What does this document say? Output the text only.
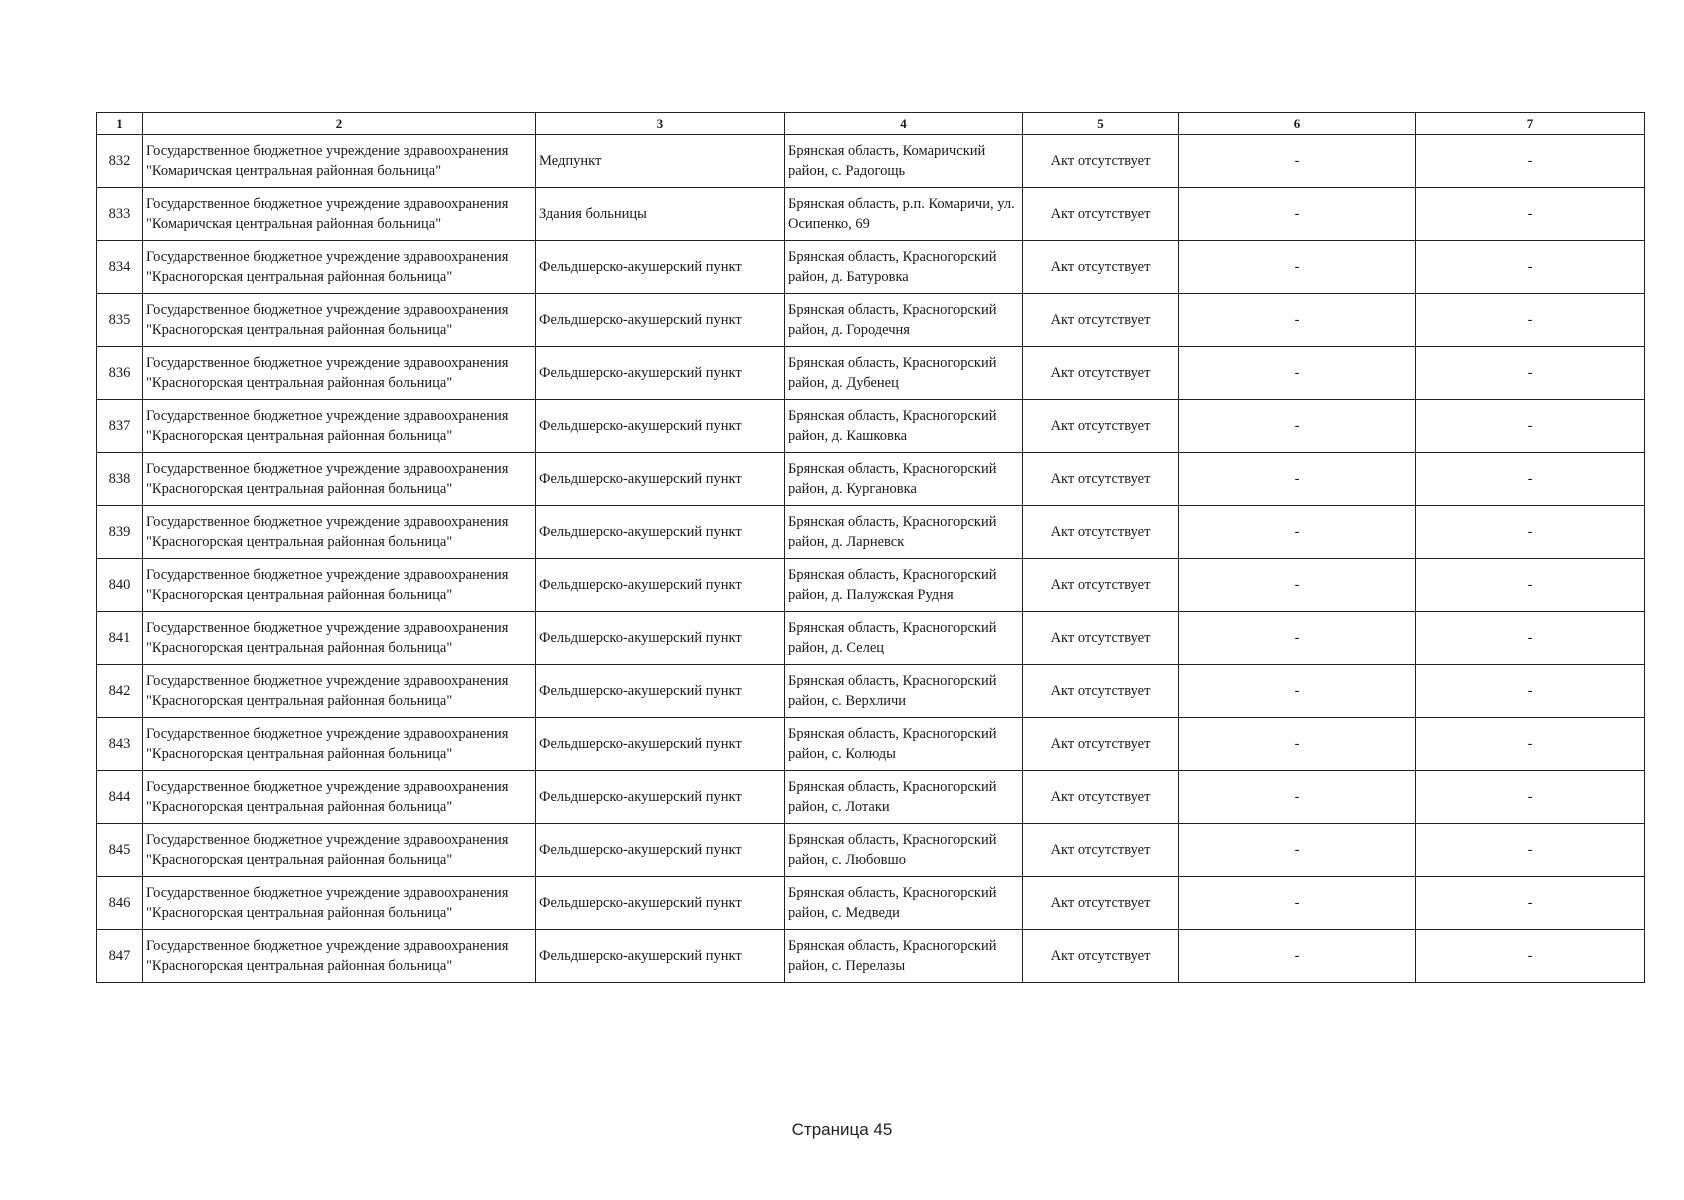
1	2	3	4	5	6	7
832	Государственное бюджетное учреждение здравоохранения "Комаричская центральная районная больница"	Медпункт	Брянская область, Комаричский район, с. Радогощь	Акт отсутствует	-	-
833	Государственное бюджетное учреждение здравоохранения "Комаричская центральная районная больница"	Здания больницы	Брянская область, р.п. Комаричи, ул. Осипенко, 69	Акт отсутствует	-	-
834	Государственное бюджетное учреждение здравоохранения "Красногорская центральная районная больница"	Фельдшерско-акушерский пункт	Брянская область, Красногорский район, д. Батуровка	Акт отсутствует	-	-
835	Государственное бюджетное учреждение здравоохранения "Красногорская центральная районная больница"	Фельдшерско-акушерский пункт	Брянская область, Красногорский район, д. Городечня	Акт отсутствует	-	-
836	Государственное бюджетное учреждение здравоохранения "Красногорская центральная районная больница"	Фельдшерско-акушерский пункт	Брянская область, Красногорский район, д. Дубенец	Акт отсутствует	-	-
837	Государственное бюджетное учреждение здравоохранения "Красногорская центральная районная больница"	Фельдшерско-акушерский пункт	Брянская область, Красногорский район, д. Кашковка	Акт отсутствует	-	-
838	Государственное бюджетное учреждение здравоохранения "Красногорская центральная районная больница"	Фельдшерско-акушерский пункт	Брянская область, Красногорский район, д. Кургановка	Акт отсутствует	-	-
839	Государственное бюджетное учреждение здравоохранения "Красногорская центральная районная больница"	Фельдшерско-акушерский пункт	Брянская область, Красногорский район, д. Ларневск	Акт отсутствует	-	-
840	Государственное бюджетное учреждение здравоохранения "Красногорская центральная районная больница"	Фельдшерско-акушерский пункт	Брянская область, Красногорский район, д. Палужская Рудня	Акт отсутствует	-	-
841	Государственное бюджетное учреждение здравоохранения "Красногорская центральная районная больница"	Фельдшерско-акушерский пункт	Брянская область, Красногорский район, д. Селец	Акт отсутствует	-	-
842	Государственное бюджетное учреждение здравоохранения "Красногорская центральная районная больница"	Фельдшерско-акушерский пункт	Брянская область, Красногорский район, с. Верхличи	Акт отсутствует	-	-
843	Государственное бюджетное учреждение здравоохранения "Красногорская центральная районная больница"	Фельдшерско-акушерский пункт	Брянская область, Красногорский район, с. Колюды	Акт отсутствует	-	-
844	Государственное бюджетное учреждение здравоохранения "Красногорская центральная районная больница"	Фельдшерско-акушерский пункт	Брянская область, Красногорский район, с. Лотаки	Акт отсутствует	-	-
845	Государственное бюджетное учреждение здравоохранения "Красногорская центральная районная больница"	Фельдшерско-акушерский пункт	Брянская область, Красногорский район, с. Любовшо	Акт отсутствует	-	-
846	Государственное бюджетное учреждение здравоохранения "Красногорская центральная районная больница"	Фельдшерско-акушерский пункт	Брянская область, Красногорский район, с. Медведи	Акт отсутствует	-	-
847	Государственное бюджетное учреждение здравоохранения "Красногорская центральная районная больница"	Фельдшерско-акушерский пункт	Брянская область, Красногорский район, с. Перелазы	Акт отсутствует	-	-
Страница 45
